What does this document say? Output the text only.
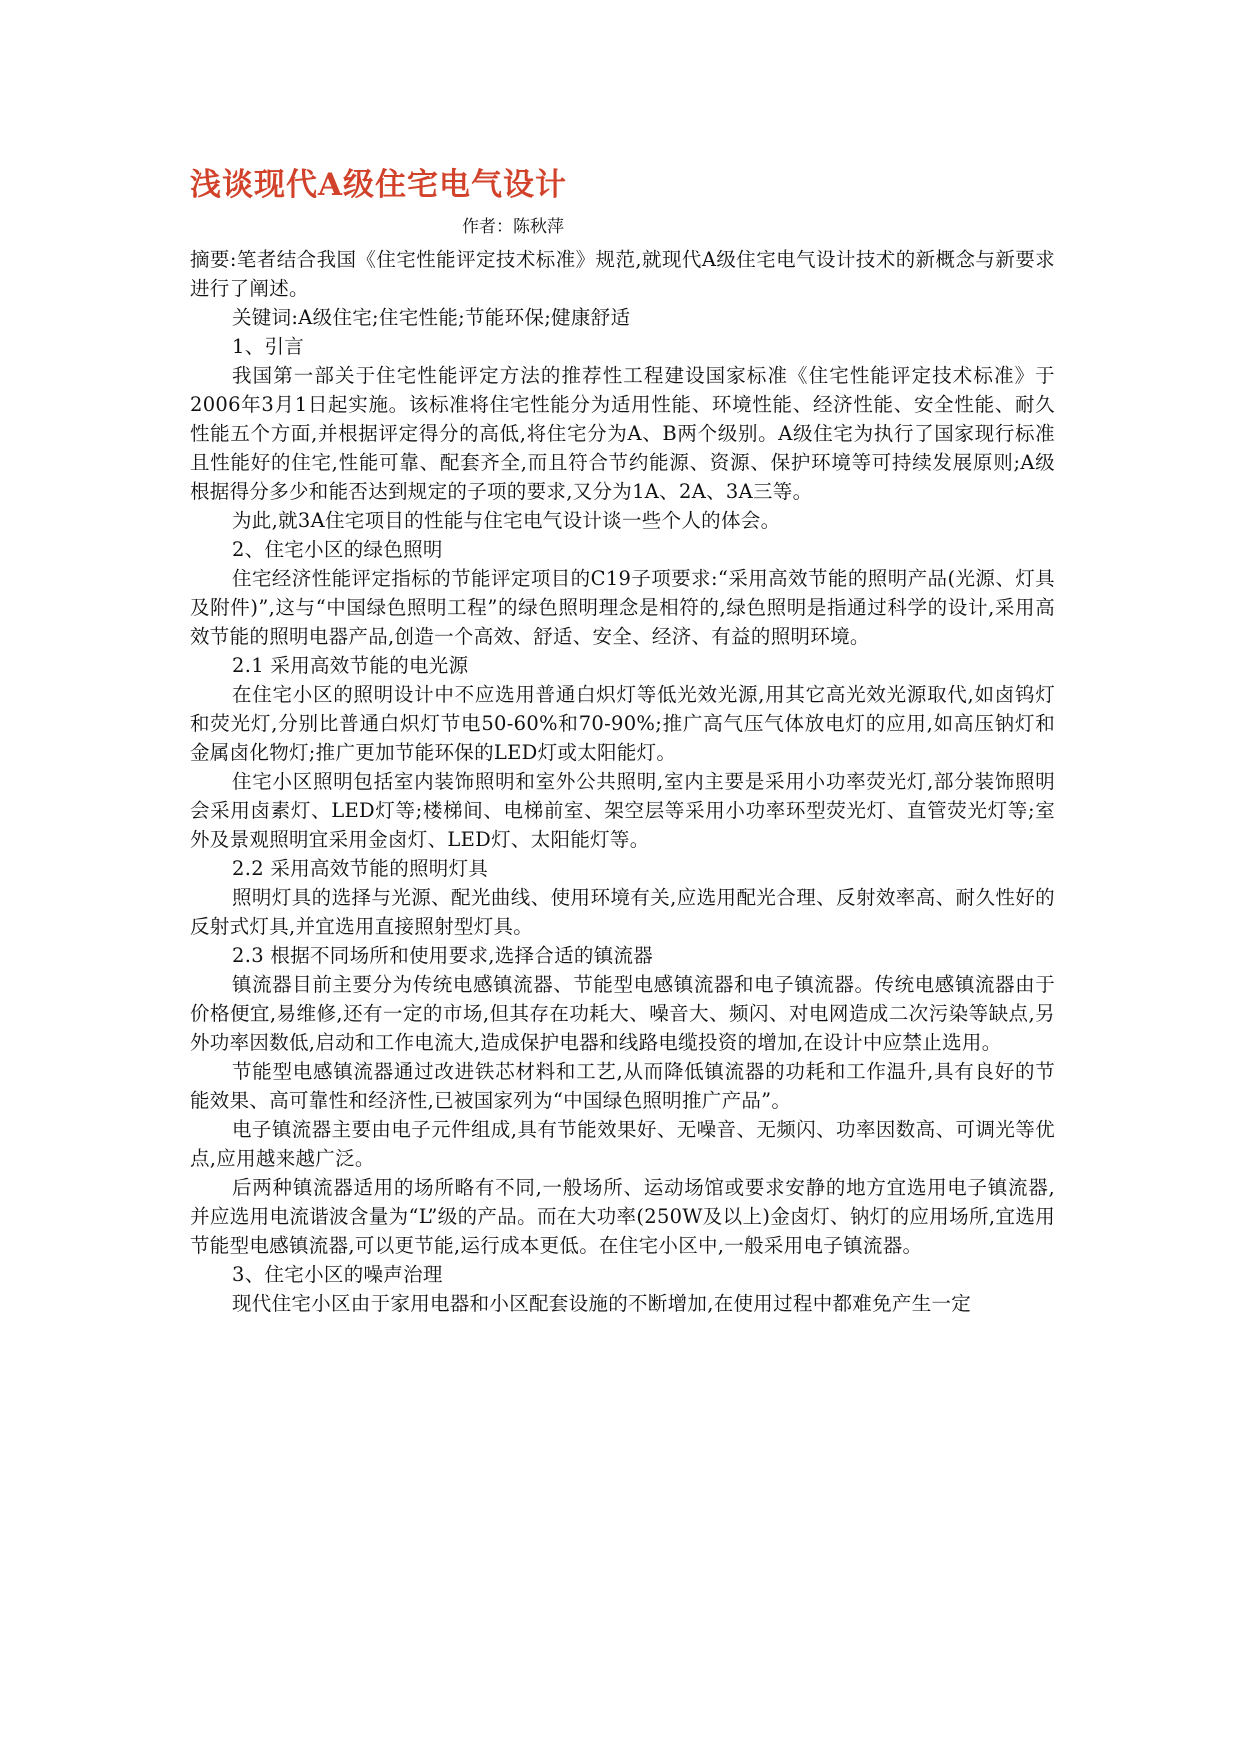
浅谈现代A级住宅电气设计
作者：陈秋萍

摘要:笔者结合我国《住宅性能评定技术标准》规范,就现代A级住宅电气设计技术的新概念与新要求进行了阐述。

关键词:A级住宅;住宅性能;节能环保;健康舒适

1、引言

我国第一部关于住宅性能评定方法的推荐性工程建设国家标准《住宅性能评定技术标准》于 2006年3月1日起实施。该标准将住宅性能分为适用性能、环境性能、经济性能、安全性能、耐久性能五个方面,并根据评定得分的高低,将住宅分为A、B两个级别。A级住宅为执行了国家现行标准且性能好的住宅,性能可靠、配套齐全,而且符合节约能源、资源、保护环境等可持续发展原则;A级根据得分多少和能否达到规定的子项的要求,又分为1A、2A、3A三等。

为此,就3A住宅项目的性能与住宅电气设计谈一些个人的体会。

2、住宅小区的绿色照明

住宅经济性能评定指标的节能评定项目的C19子项要求:“采用高效节能的照明产品(光源、灯具及附件)”,这与“中国绿色照明工程”的绿色照明理念是相符的,绿色照明是指通过科学的设计,采用高效节能的照明电器产品,创造一个高效、舒适、安全、经济、有益的照明环境。

2.1 采用高效节能的电光源

在住宅小区的照明设计中不应选用普通白炽灯等低光效光源,用其它高光效光源取代,如卤钨灯和荧光灯,分别比普通白炽灯节电50-60%和70-90%;推广高气压气体放电灯的应用,如高压钠灯和金属卤化物灯;推广更加节能环保的LED灯或太阳能灯。

住宅小区照明包括室内装饰照明和室外公共照明,室内主要是采用小功率荧光灯,部分装饰照明会采用卤素灯、LED灯等;楼梯间、电梯前室、架空层等采用小功率环型荧光灯、直管荧光灯等;室外及景观照明宜采用金卤灯、LED灯、太阳能灯等。

2.2 采用高效节能的照明灯具

照明灯具的选择与光源、配光曲线、使用环境有关,应选用配光合理、反射效率高、耐久性好的反射式灯具,并宜选用直接照射型灯具。

2.3 根据不同场所和使用要求,选择合适的镇流器

镇流器目前主要分为传统电感镇流器、节能型电感镇流器和电子镇流器。传统电感镇流器由于价格便宜,易维修,还有一定的市场,但其存在功耗大、噪音大、频闪、对电网造成二次污染等缺点,另外功率因数低,启动和工作电流大,造成保护电器和线路电缆投资的增加,在设计中应禁止选用。

节能型电感镇流器通过改进铁芯材料和工艺,从而降低镇流器的功耗和工作温升,具有良好的节能效果、高可靠性和经济性,已被国家列为“中国绿色照明推广产品”。

电子镇流器主要由电子元件组成,具有节能效果好、无噪音、无频闪、功率因数高、可调光等优点,应用越来越广泛。

后两种镇流器适用的场所略有不同,一般场所、运动场馆或要求安静的地方宜选用电子镇流器,并应选用电流谐波含量为“L”级的产品。而在大功率(250W及以上)金卤灯、钠灯的应用场所,宜选用节能型电感镇流器,可以更节能,运行成本更低。在住宅小区中,一般采用电子镇流器。

3、住宅小区的噪声治理

现代住宅小区由于家用电器和小区配套设施的不断增加,在使用过程中都难免产生一定
